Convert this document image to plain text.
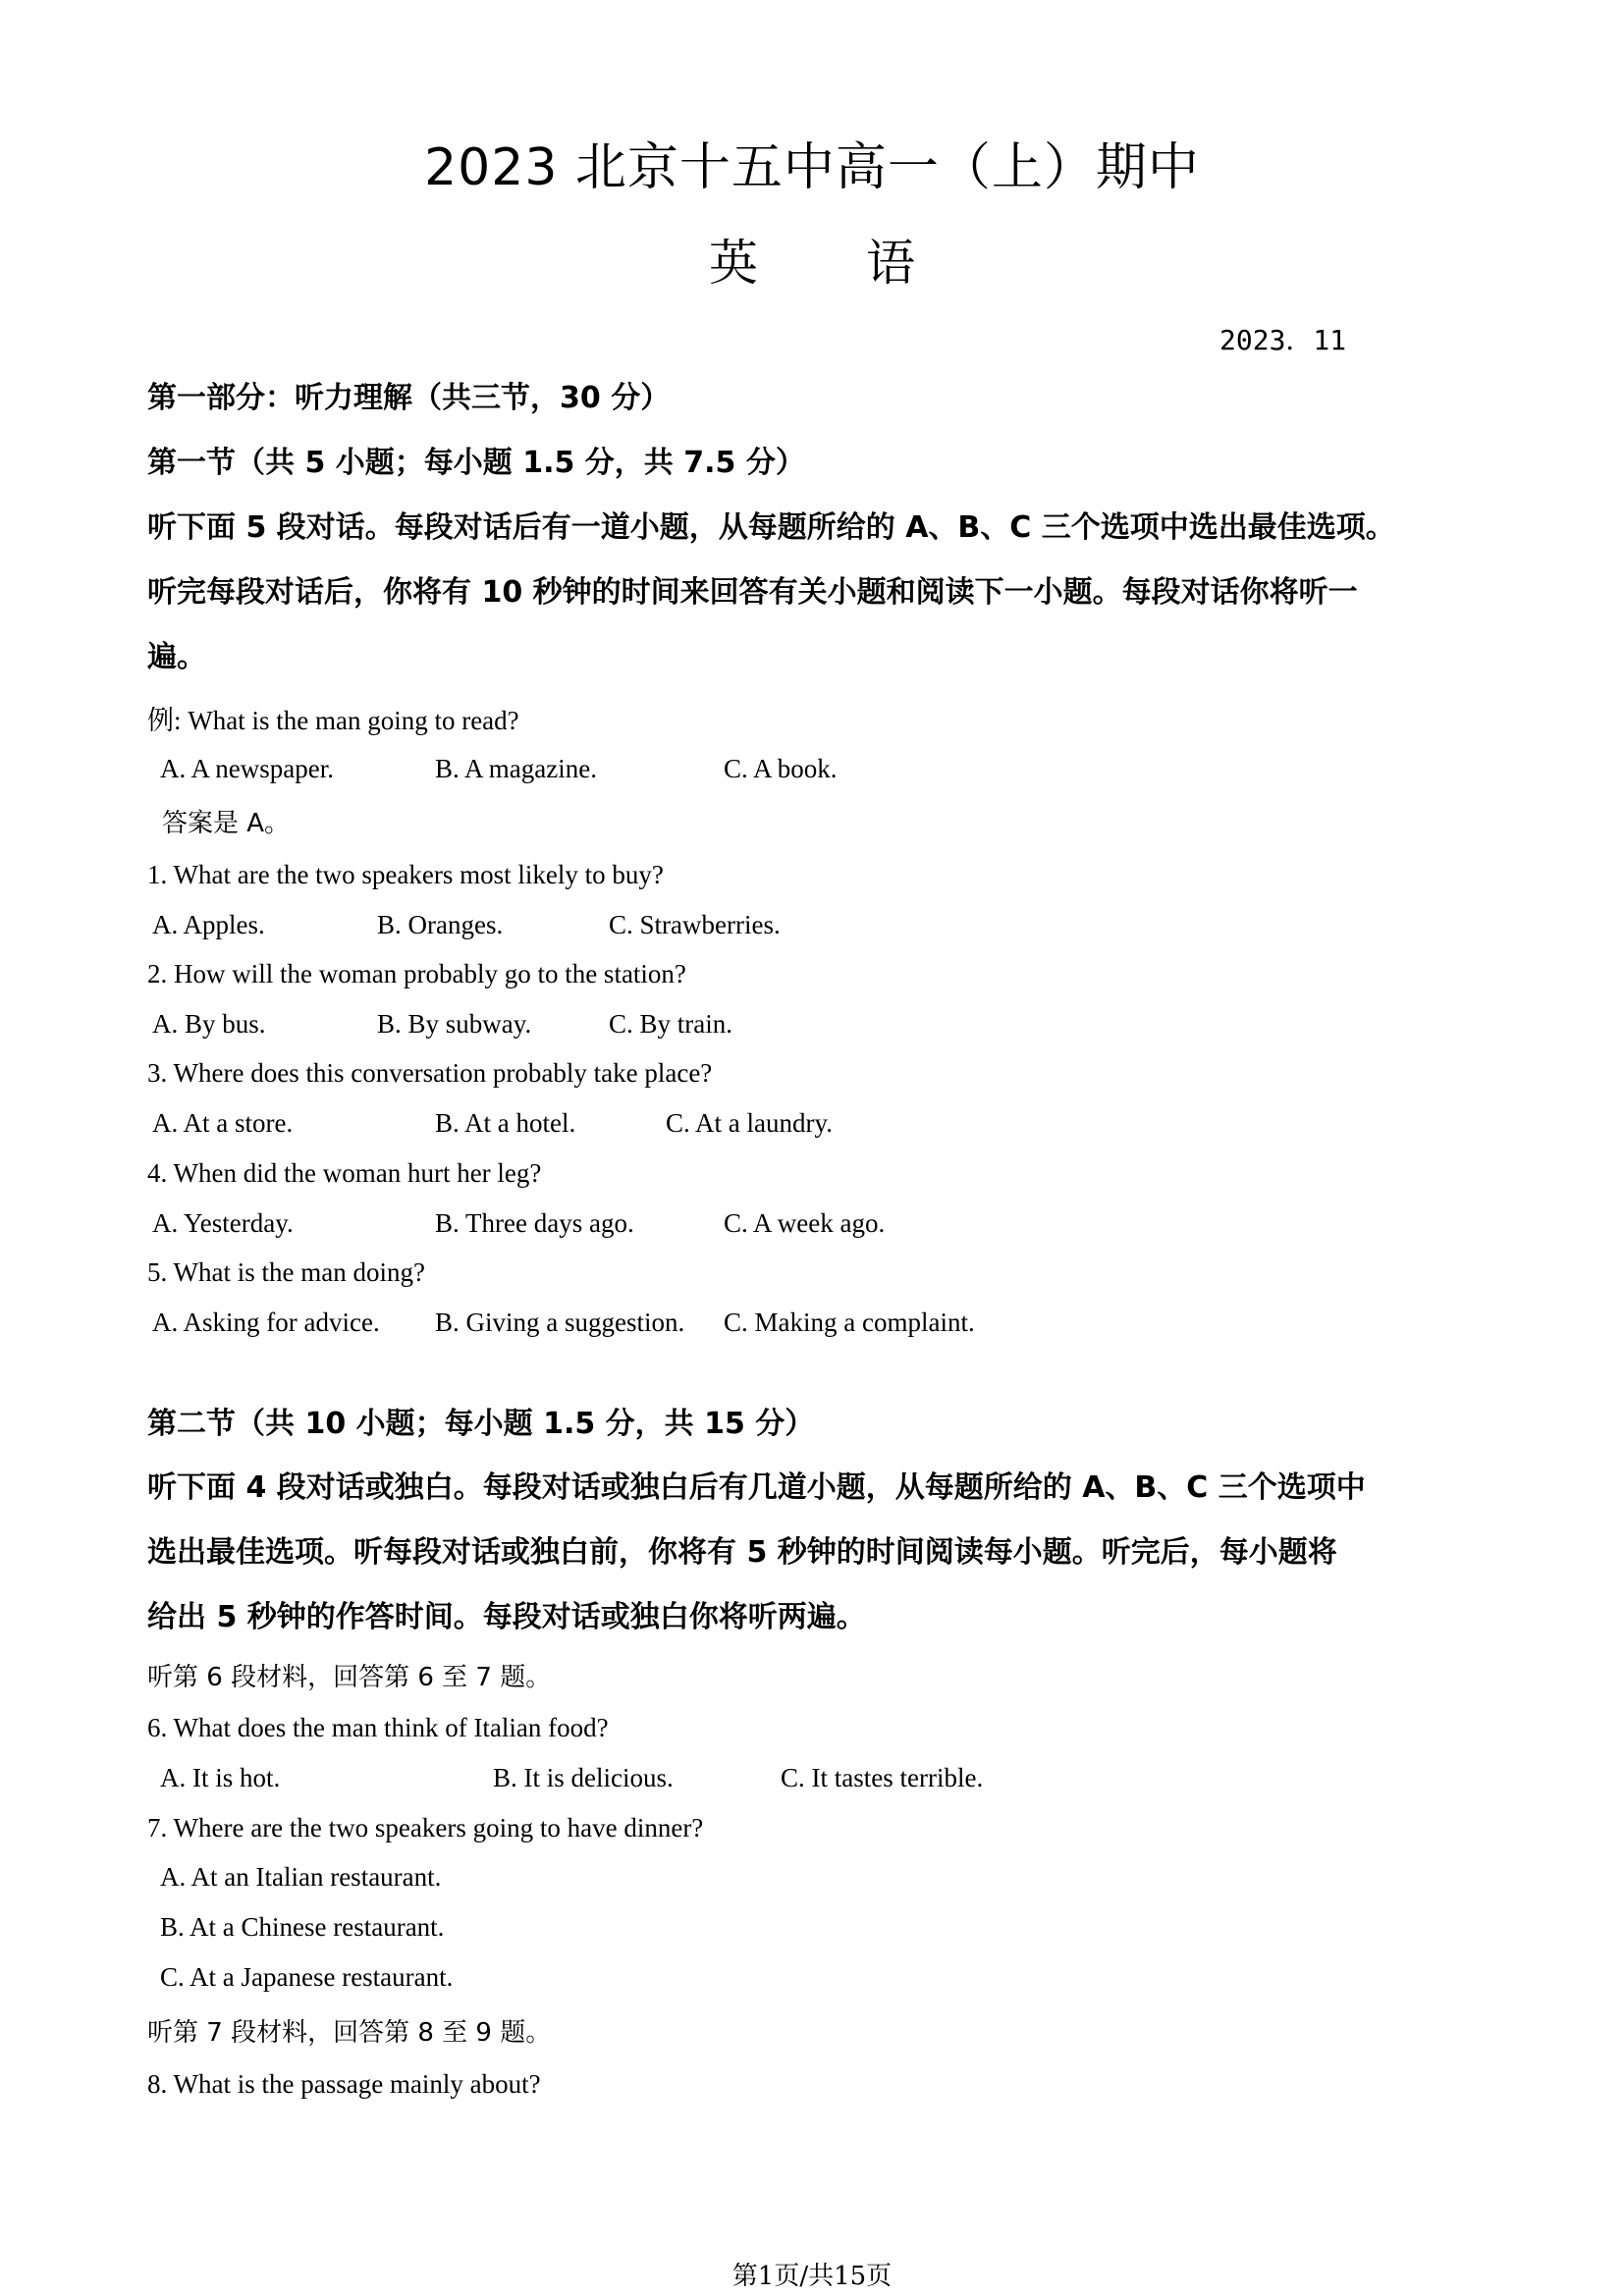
2023 北京十五中高一（上）期中
英语
2023．11
第一部分：听力理解（共三节，30 分）
第一节（共 5 小题；每小题 1.5 分，共 7.5 分）
听下面 5 段对话。每段对话后有一道小题，从每题所给的 A、B、C 三个选项中选出最佳选项。
听完每段对话后，你将有 10 秒钟的时间来回答有关小题和阅读下一小题。每段对话你将听一
遍。
例: What is the man going to read?
A. A newspaper.	B. A magazine.	C. A book.
答案是 A。
1. What are the two speakers most likely to buy?
A. Apples.	B. Oranges.	C. Strawberries.
2. How will the woman probably go to the station?
A. By bus.	B. By subway.	C. By train.
3. Where does this conversation probably take place?
A. At a store.	B. At a hotel.	C. At a laundry.
4. When did the woman hurt her leg?
A. Yesterday.	B. Three days ago.	C. A week ago.
5. What is the man doing?
A. Asking for advice. B. Giving a suggestion. C. Making a complaint.
第二节（共 10 小题；每小题 1.5 分，共 15 分）
听下面 4 段对话或独白。每段对话或独白后有几道小题，从每题所给的 A、B、C 三个选项中
选出最佳选项。听每段对话或独白前，你将有 5 秒钟的时间阅读每小题。听完后，每小题将
给出 5 秒钟的作答时间。每段对话或独白你将听两遍。
听第 6 段材料，回答第 6 至 7 题。
6. What does the man think of Italian food?
A. It is hot.	B. It is delicious.	C. It tastes terrible.
7. Where are the two speakers going to have dinner?
A. At an Italian restaurant.
B. At a Chinese restaurant.
C. At a Japanese restaurant.
听第 7 段材料，回答第 8 至 9 题。
8. What is the passage mainly about?
第1页/共15页
